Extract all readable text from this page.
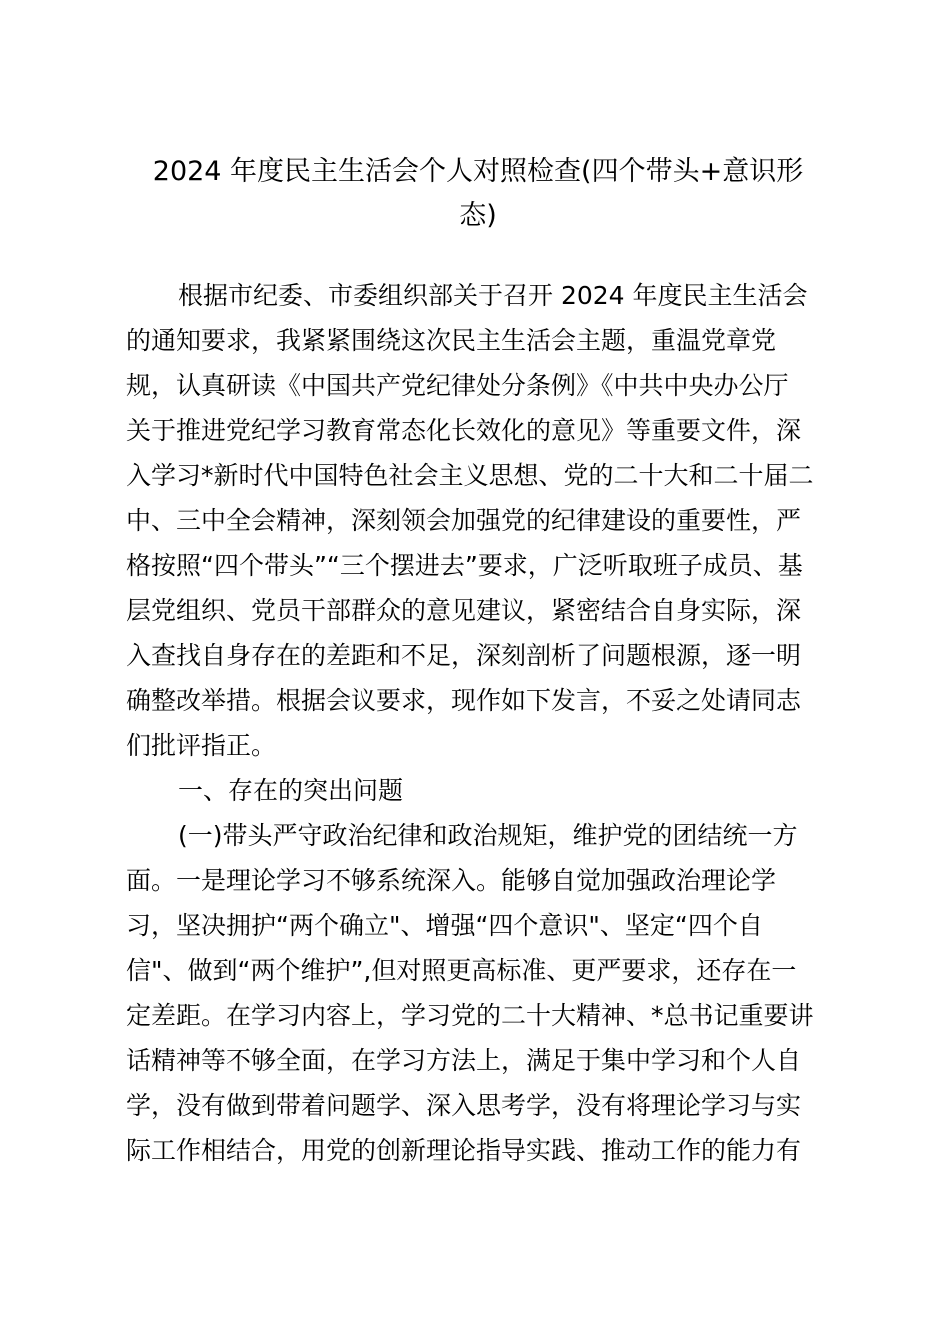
2024 年度民主生活会个人对照检查(四个带头+意识形
态)
根据市纪委、市委组织部关于召开 2024 年度民主生活会
的通知要求，我紧紧围绕这次民主生活会主题，重温党章党
规，认真研读《中国共产党纪律处分条例》《中共中央办公厅
关于推进党纪学习教育常态化长效化的意见》等重要文件，深
入学习*新时代中国特色社会主义思想、党的二十大和二十届二
中、三中全会精神，深刻领会加强党的纪律建设的重要性，严
格按照“四个带头”“三个摆进去”要求，广泛听取班子成员、基
层党组织、党员干部群众的意见建议，紧密结合自身实际，深
入查找自身存在的差距和不足，深刻剖析了问题根源，逐一明
确整改举措。根据会议要求，现作如下发言，不妥之处请同志
们批评指正。
一、存在的突出问题
(一)带头严守政治纪律和政治规矩，维护党的团结统一方
面。一是理论学习不够系统深入。能够自觉加强政治理论学
习，坚决拥护“两个确立"、增强“四个意识"、坚定“四个自
信"、做到“两个维护”,但对照更高标准、更严要求，还存在一
定差距。在学习内容上，学习党的二十大精神、*总书记重要讲
话精神等不够全面，在学习方法上，满足于集中学习和个人自
学，没有做到带着问题学、深入思考学，没有将理论学习与实
际工作相结合，用党的创新理论指导实践、推动工作的能力有
